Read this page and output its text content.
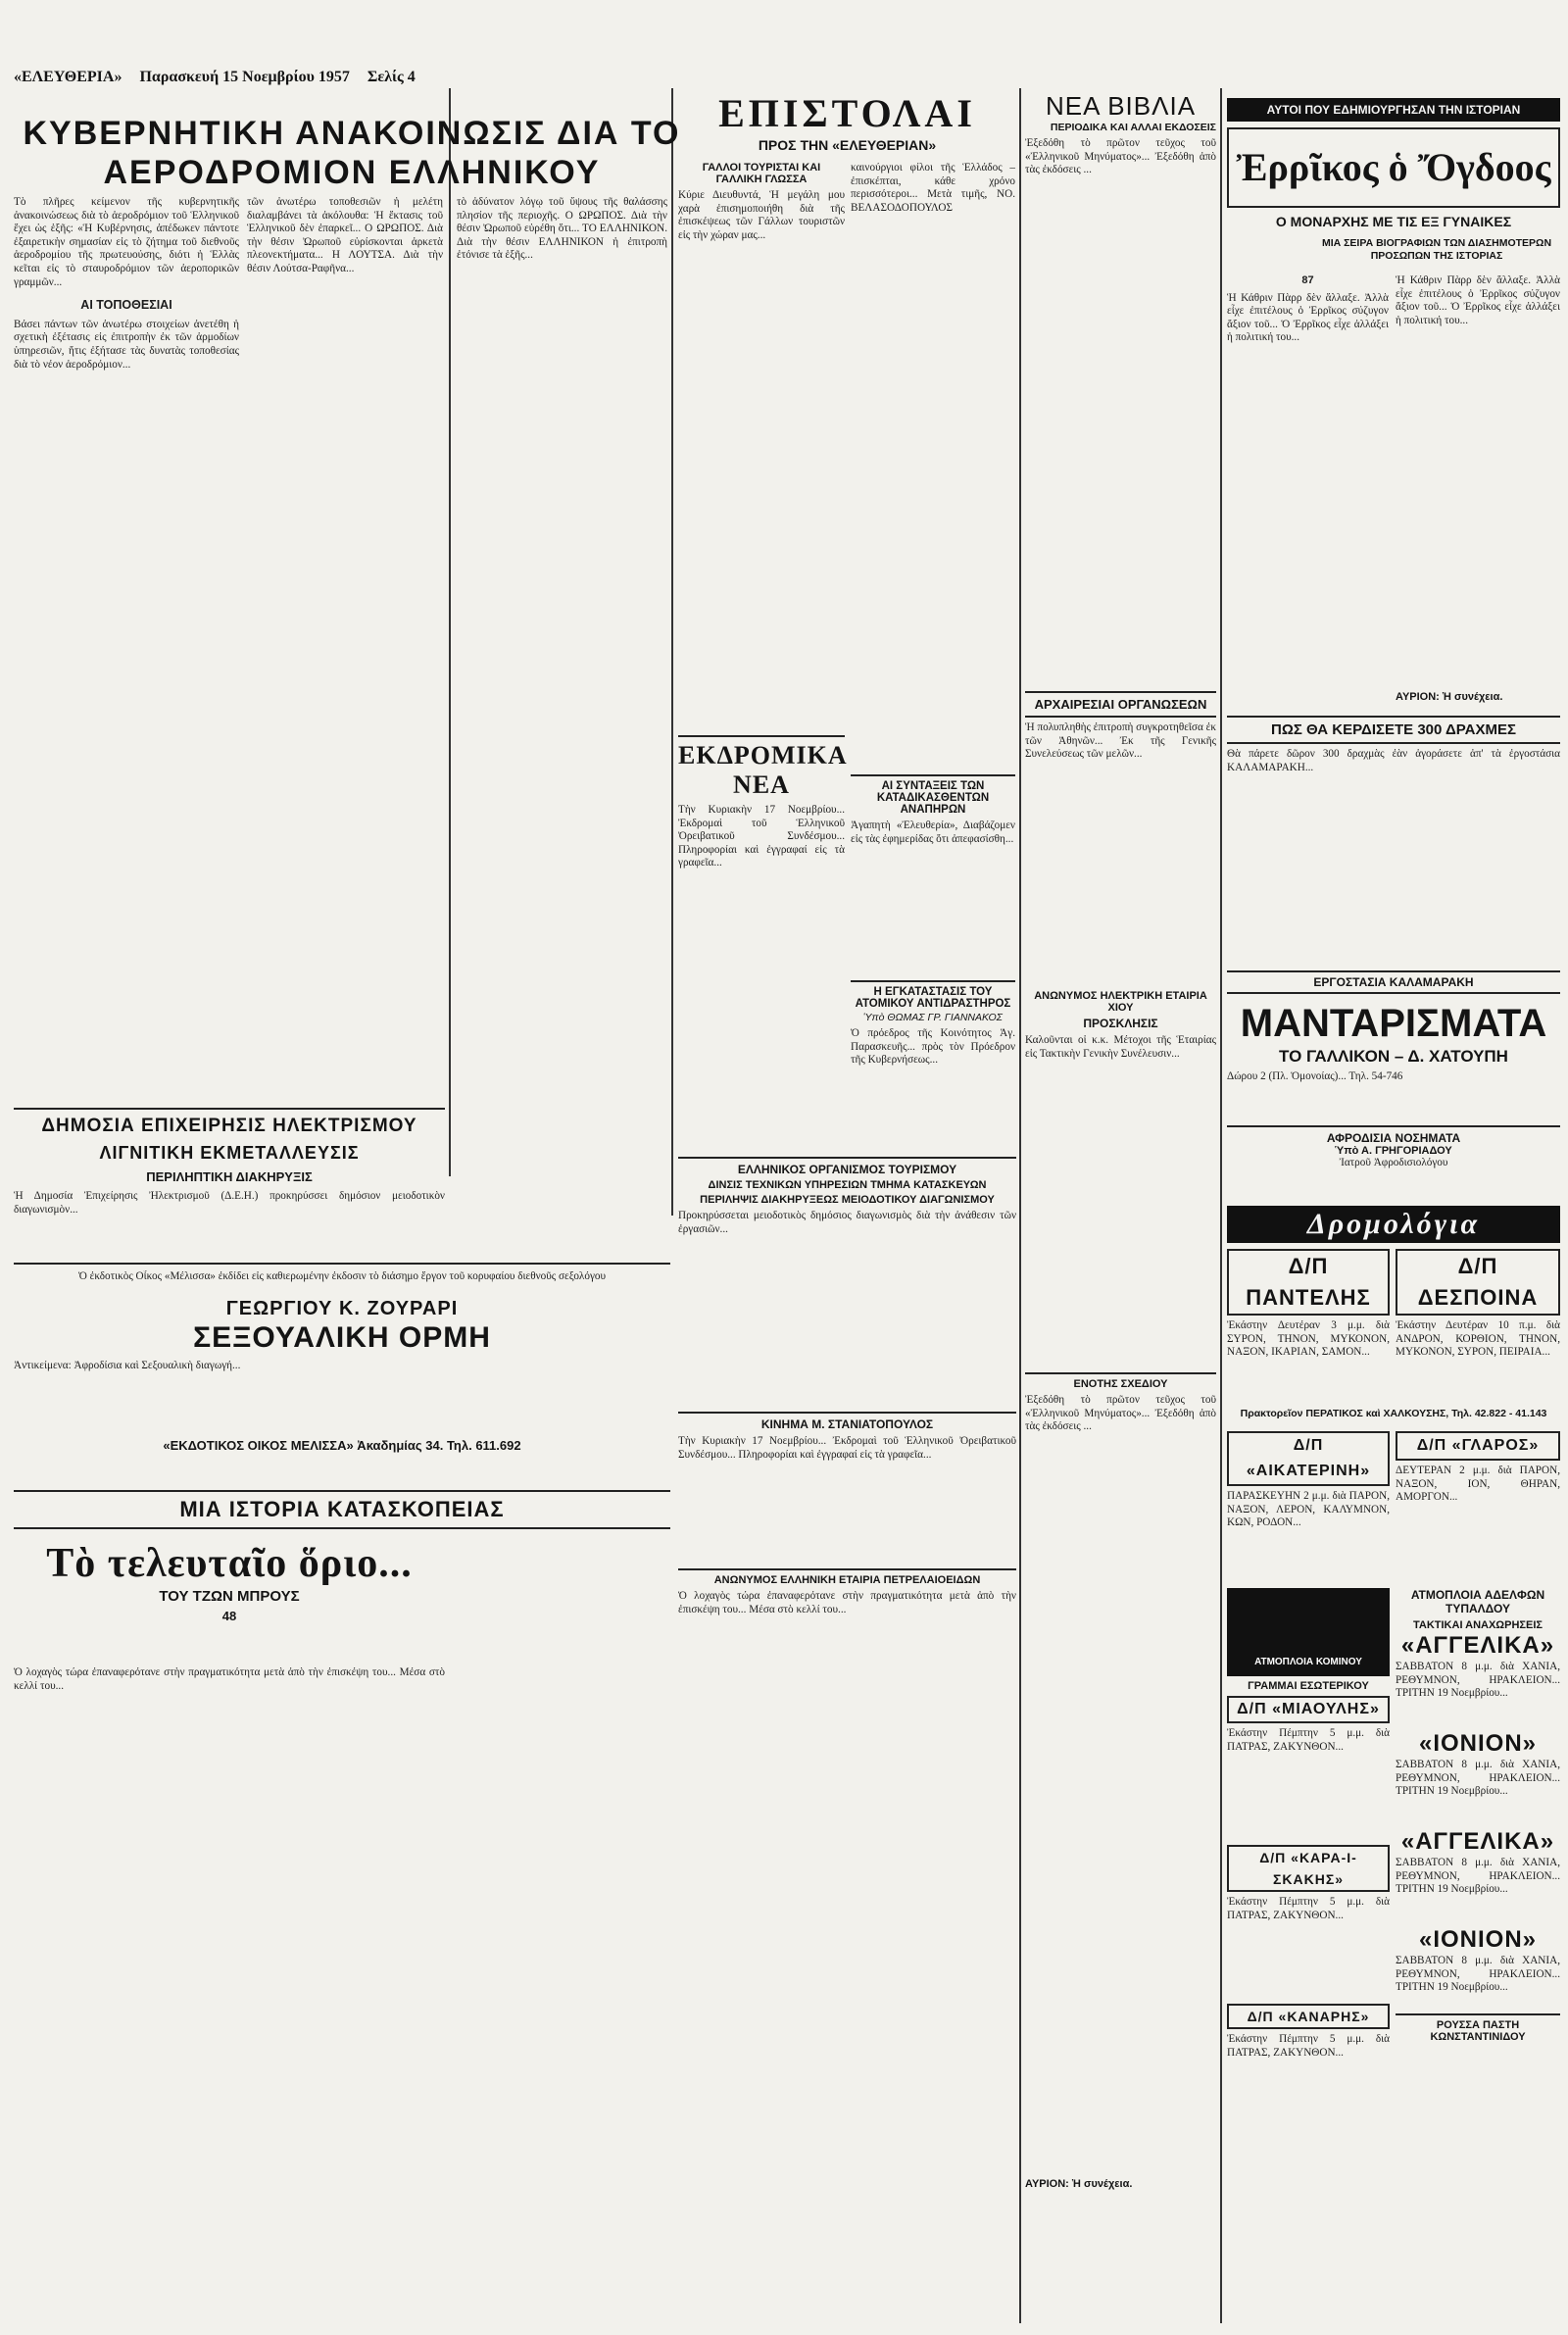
«ΕΛΕΥΘΕΡΙΑ» Παρασκευή 15 Νοεμβρίου 1957 Σελίς 4
ΚΥΒΕΡΝΗΤΙΚΗ ΑΝΑΚΟΙΝΩΣΙΣ ΔΙΑ ΤΟ ΑΕΡΟΔΡΟΜΙΟΝ ΕΛΛΗΝΙΚΟΥ
Τὸ πλῆρες κείμενον τῆς κυβερνητικῆς ἀνακοινώσεως διὰ τὸ ἀεροδρόμιον τοῦ Ἑλληνικοῦ ἔχει ὡς ἑξῆς: «Ἡ Κυβέρνησις, ἀπέδωκεν πάντοτε ἐξαιρετικὴν σημασίαν εἰς τὸ ζήτημα τοῦ διεθνοῦς ἀεροδρομίου τῆς πρωτευούσης, διότι ἡ Ἑλλὰς κεῖται εἰς τὸ σταυροδρόμιον τῶν ἀεροπορικῶν γραμμῶν...
ΑΙ ΤΟΠΟΘΕΣΙΑΙ
Βάσει πάντων τῶν ἀνωτέρω στοιχείων ἀνετέθη ἡ σχετικὴ ἐξέτασις εἰς ἐπιτροπὴν ἐκ τῶν ἀρμοδίων ὑπηρεσιῶν, ἥτις ἐξήτασε τὰς δυνατὰς τοποθεσίας διὰ τὸ νέον ἀεροδρόμιον...
τῶν ἀνωτέρω τοποθεσιῶν ἡ μελέτη διαλαμβάνει τὰ ἀκόλουθα: Ἡ ἔκτασις τοῦ Ἑλληνικοῦ δὲν ἐπαρκεῖ... Ο ΩΡΩΠΟΣ. Διὰ τὴν θέσιν Ὠρωποῦ εὑρίσκονται ἀρκετὰ πλεονεκτήματα... Η ΛΟΥΤΣΑ. Διὰ τὴν θέσιν Λούτσα-Ραφῆνα...
τὸ ἀδύνατον λόγῳ τοῦ ὕψους τῆς θαλάσσης πλησίον τῆς περιοχῆς. Ο ΩΡΩΠΟΣ. Διὰ τὴν θέσιν Ὠρωποῦ εὑρέθη ὅτι... ΤΟ ΕΛΛΗΝΙΚΟΝ. Διὰ τὴν θέσιν ΕΛΛΗΝΙΚΟΝ ἡ ἐπιτροπὴ ἐτόνισε τὰ ἑξῆς...
ΔΗΜΟΣΙΑ ΕΠΙΧΕΙΡΗΣΙΣ ΗΛΕΚΤΡΙΣΜΟΥ
ΛΙΓΝΙΤΙΚΗ ΕΚΜΕΤΑΛΛΕΥΣΙΣ
ΠΕΡΙΛΗΠΤΙΚΗ ΔΙΑΚΗΡΥΞΙΣ
Ἡ Δημοσία Ἐπιχείρησις Ἠλεκτρισμοῦ (Δ.Ε.Η.) προκηρύσσει δημόσιον μειοδοτικὸν διαγωνισμὸν...
Ὁ ἐκδοτικὸς Οἶκος «Μέλισσα» ἐκδίδει εἰς καθιερωμένην ἐκδοσιν τὸ διάσημο ἔργον τοῦ κορυφαίου διεθνοῦς σεξολόγου
ΓΕΩΡΓΙΟΥ Κ. ΖΟΥΡΑΡΙ
ΣΕΞΟΥΑΛΙΚΗ ΟΡΜΗ
Ἀντικείμενα: Ἀφροδίσια καὶ Σεξουαλικὴ διαγωγή...
«ΕΚΔΟΤΙΚΟΣ ΟΙΚΟΣ ΜΕΛΙΣΣΑ» Ἀκαδημίας 34. Τηλ. 611.692
ΜΙΑ ΙΣΤΟΡΙΑ ΚΑΤΑΣΚΟΠΕΙΑΣ
Τὸ τελευταῖο ὅριο...
ΤΟΥ ΤΖΩΝ ΜΠΡΟΥΣ
48
Ὁ λοχαγὸς τώρα ἐπαναφερότανε στὴν πραγματικότητα μετὰ ἀπὸ τὴν ἐπισκέψη του... Μέσα στὸ κελλί του...
ΕΠΙΣΤΟΛΑΙ
ΠΡΟΣ ΤΗΝ «ΕΛΕΥΘΕΡΙΑΝ»
ΓΑΛΛΟΙ ΤΟΥΡΙΣΤΑΙ ΚΑΙ ΓΑΛΛΙΚΗ ΓΛΩΣΣΑ
Κύριε Διευθυντά, Ἡ μεγάλη μου χαρὰ ἐπισημοποιήθη διὰ τῆς ἐπισκέψεως τῶν Γάλλων τουριστῶν εἰς τὴν χώραν μας...
καινούργιοι φίλοι τῆς Ἑλλάδος – ἐπισκέπται, κάθε χρόνο περισσότεροι... Μετὰ τιμῆς, ΝΟ. ΒΕΛΑΣΟΔΟΠΟΥΛΟΣ
ΑΙ ΣΥΝΤΑΞΕΙΣ ΤΩΝ ΚΑΤΑΔΙΚΑΣΘΕΝΤΩΝ ΑΝΑΠΗΡΩΝ
Ἀγαπητὴ «Ἐλευθερία», Διαβάζομεν εἰς τὰς ἐφημερίδας ὅτι ἀπεφασίσθη...
ΕΚΔΡΟΜΙΚΑ ΝΕΑ
Τὴν Κυριακὴν 17 Νοεμβρίου... Ἐκδρομαὶ τοῦ Ἑλληνικοῦ Ὀρειβατικοῦ Συνδέσμου... Πληροφορίαι καὶ ἐγγραφαί εἰς τὰ γραφεῖα...
ΕΛΛΗΝΙΚΟΣ ΟΡΓΑΝΙΣΜΟΣ ΤΟΥΡΙΣΜΟΥ
ΔΙΝΣΙΣ ΤΕΧΝΙΚΩΝ ΥΠΗΡΕΣΙΩΝ ΤΜΗΜΑ ΚΑΤΑΣΚΕΥΩΝ
ΠΕΡΙΛΗΨΙΣ ΔΙΑΚΗΡΥΞΕΩΣ ΜΕΙΟΔΟΤΙΚΟΥ ΔΙΑΓΩΝΙΣΜΟΥ
Προκηρύσσεται μειοδοτικὸς δημόσιος διαγωνισμὸς διὰ τὴν ἀνάθεσιν τῶν ἐργασιῶν...
ΚΙΝΗΜΑ Μ. ΣΤΑΝΙΑΤΟΠΟΥΛΟΣ
Τὴν Κυριακὴν 17 Νοεμβρίου... Ἐκδρομαὶ τοῦ Ἑλληνικοῦ Ὀρειβατικοῦ Συνδέσμου... Πληροφορίαι καὶ ἐγγραφαί εἰς τὰ γραφεῖα...
ΝΕΑ ΒΙΒΛΙΑ
ΠΕΡΙΟΔΙΚΑ ΚΑΙ ΑΛΛΑΙ ΕΚΔΟΣΕΙΣ
Ἐξεδόθη τὸ πρῶτον τεῦχος τοῦ «Ἐλληνικοῦ Μηνύματος»... Ἐξεδόθη ἀπὸ τὰς ἐκδόσεις ...
ΑΡΧΑΙΡΕΣΙΑΙ ΟΡΓΑΝΩΣΕΩΝ
Ἡ πολυπληθὴς ἐπιτροπὴ συγκροτηθεῖσα ἐκ τῶν Ἀθηνῶν... Ἐκ τῆς Γενικῆς Συνελεύσεως τῶν μελῶν...
ΑΝΩΝΥΜΟΣ ΗΛΕΚΤΡΙΚΗ ΕΤΑΙΡΙΑ ΧΙΟΥ
ΠΡΟΣΚΛΗΣΙΣ
Καλοῦνται οἱ κ.κ. Μέτοχοι τῆς Ἑταιρίας εἰς Τακτικὴν Γενικὴν Συνέλευσιν...
ΕΝΟΤΗΣ ΣΧΕΔΙΟΥ
Ἐξεδόθη τὸ πρῶτον τεῦχος τοῦ «Ἐλληνικοῦ Μηνύματος»... Ἐξεδόθη ἀπὸ τὰς ἐκδόσεις ...
ΑΥΡΙΟΝ: Ἡ συνέχεια.
Η ΕΓΚΑΤΑΣΤΑΣΙΣ ΤΟΥ ΑΤΟΜΙΚΟΥ ΑΝΤΙΔΡΑΣΤΗΡΟΣ
Ὑπὸ ΘΩΜΑΣ ΓΡ. ΓΙΑΝΝΑΚΟΣ
Ὁ πρόεδρος τῆς Κοινότητος Ἁγ. Παρασκευῆς... πρὸς τὸν Πρόεδρον τῆς Κυβερνήσεως...
ΑΝΩΝΥΜΟΣ ΕΛΛΗΝΙΚΗ ΕΤΑΙΡΙΑ ΠΕΤΡΕΛΑΙΟΕΙΔΩΝ
Ὁ λοχαγὸς τώρα ἐπαναφερότανε στὴν πραγματικότητα μετὰ ἀπὸ τὴν ἐπισκέψη του... Μέσα στὸ κελλί του...
ΑΥΤΟΙ ΠΟΥ ΕΔΗΜΙΟΥΡΓΗΣΑΝ ΤΗΝ ΙΣΤΟΡΙΑΝ
Ἐρρῖκος ὁ Ὄγδοος
Ο ΜΟΝΑΡΧΗΣ ΜΕ ΤΙΣ ΕΞ ΓΥΝΑΙΚΕΣ
ΜΙΑ ΣΕΙΡΑ ΒΙΟΓΡΑΦΙΩΝ ΤΩΝ ΔΙΑΣΗΜΟΤΕΡΩΝ ΠΡΟΣΩΠΩΝ ΤΗΣ ΙΣΤΟΡΙΑΣ
87
Ἡ Κάθριν Πὰρρ δὲν ἄλλαξε. Ἀλλὰ εἶχε ἐπιτέλους ὁ Ἐρρῖκος σύζυγον ἄξιον τοῦ... Ὁ Ἐρρῖκος εἶχε ἀλλάξει ἡ πολιτική του...
Ἡ Κάθριν Πὰρρ δὲν ἄλλαξε. Ἀλλὰ εἶχε ἐπιτέλους ὁ Ἐρρῖκος σύζυγον ἄξιον τοῦ... Ὁ Ἐρρῖκος εἶχε ἀλλάξει ἡ πολιτική του...
ΑΥΡΙΟΝ: Ἡ συνέχεια.
ΠΩΣ ΘΑ ΚΕΡΔΙΣΕΤΕ 300 ΔΡΑΧΜΕΣ
Θὰ πάρετε δῶρον 300 δραχμὰς ἐὰν ἀγοράσετε ἀπ' τὰ ἐργοστάσια ΚΑΛΑΜΑΡΑΚΗ...
ΕΡΓΟΣΤΑΣΙΑ ΚΑΛΑΜΑΡΑΚΗ
ΜΑΝΤΑΡΙΣΜΑΤΑ
ΤΟ ΓΑΛΛΙΚΟΝ – Δ. ΧΑΤΟΥΠΗ
Δώρου 2 (Πλ. Ὁμονοίας)... Τηλ. 54-746
ΑΦΡΟΔΙΣΙΑ ΝΟΣΗΜΑΤΑ
Ὑπὸ Α. ΓΡΗΓΟΡΙΑΔΟΥ
Ἰατροῦ Ἀφροδισιολόγου
Δρομολόγια
Δ/Π ΠΑΝΤΕΛΗΣ
Ἐκάστην Δευτέραν 3 μ.μ. διὰ ΣΥΡΟΝ, ΤΗΝΟΝ, ΜΥΚΟΝΟΝ, ΝΑΞΟΝ, ΙΚΑΡΙΑΝ, ΣΑΜΟΝ...
Δ/Π ΔΕΣΠΟΙΝΑ
Ἐκάστην Δευτέραν 10 π.μ. διὰ ΑΝΔΡΟΝ, ΚΟΡΘΙΟΝ, ΤΗΝΟΝ, ΜΥΚΟΝΟΝ, ΣΥΡΟΝ, ΠΕΙΡΑΙΑ...
Πρακτορεῖον ΠΕΡΑΤΙΚΟΣ καὶ ΧΑΛΚΟΥΣΗΣ, Τηλ. 42.822 - 41.143
Δ/Π «ΑΙΚΑΤΕΡΙΝΗ»
ΠΑΡΑΣΚΕΥΗΝ 2 μ.μ. διὰ ΠΑΡΟΝ, ΝΑΞΟΝ, ΛΕΡΟΝ, ΚΑΛΥΜΝΟΝ, ΚΩΝ, ΡΟΔΟΝ...
Δ/Π «ΓΛΑΡΟΣ»
ΔΕΥΤΕΡΑΝ 2 μ.μ. διὰ ΠΑΡΟΝ, ΝΑΞΟΝ, ΙΟΝ, ΘΗΡΑΝ, ΑΜΟΡΓΟΝ...
ΑΤΜΟΠΛΟΙΑ ΚΟΜΙΝΟΥ
ΓΡΑΜΜΑΙ ΕΣΩΤΕΡΙΚΟΥ
Δ/Π «ΜΙΑΟΥΛΗΣ»
Ἐκάστην Πέμπτην 5 μ.μ. διὰ ΠΑΤΡΑΣ, ΖΑΚΥΝΘΟΝ...
Δ/Π «ΚΑΡΑ-Ι-ΣΚΑΚΗΣ»
Ἐκάστην Πέμπτην 5 μ.μ. διὰ ΠΑΤΡΑΣ, ΖΑΚΥΝΘΟΝ...
Δ/Π «ΚΑΝΑΡΗΣ»
Ἐκάστην Πέμπτην 5 μ.μ. διὰ ΠΑΤΡΑΣ, ΖΑΚΥΝΘΟΝ...
ΑΤΜΟΠΛΟΙΑ ΑΔΕΛΦΩΝ ΤΥΠΑΛΔΟΥ
ΤΑΚΤΙΚΑΙ ΑΝΑΧΩΡΗΣΕΙΣ
«ΑΓΓΕΛΙΚΑ»
ΣΑΒΒΑΤΟΝ 8 μ.μ. διὰ ΧΑΝΙΑ, ΡΕΘΥΜΝΟΝ, ΗΡΑΚΛΕΙΟΝ... ΤΡΙΤΗΝ 19 Νοεμβρίου...
«ΙΟΝΙΟΝ»
ΣΑΒΒΑΤΟΝ 8 μ.μ. διὰ ΧΑΝΙΑ, ΡΕΘΥΜΝΟΝ, ΗΡΑΚΛΕΙΟΝ... ΤΡΙΤΗΝ 19 Νοεμβρίου...
«ΑΓΓΕΛΙΚΑ»
ΣΑΒΒΑΤΟΝ 8 μ.μ. διὰ ΧΑΝΙΑ, ΡΕΘΥΜΝΟΝ, ΗΡΑΚΛΕΙΟΝ... ΤΡΙΤΗΝ 19 Νοεμβρίου...
«ΙΟΝΙΟΝ»
ΣΑΒΒΑΤΟΝ 8 μ.μ. διὰ ΧΑΝΙΑ, ΡΕΘΥΜΝΟΝ, ΗΡΑΚΛΕΙΟΝ... ΤΡΙΤΗΝ 19 Νοεμβρίου...
ΡΟΥΣΣΑ ΠΑΣΤΗ ΚΩΝΣΤΑΝΤΙΝΙΔΟΥ
